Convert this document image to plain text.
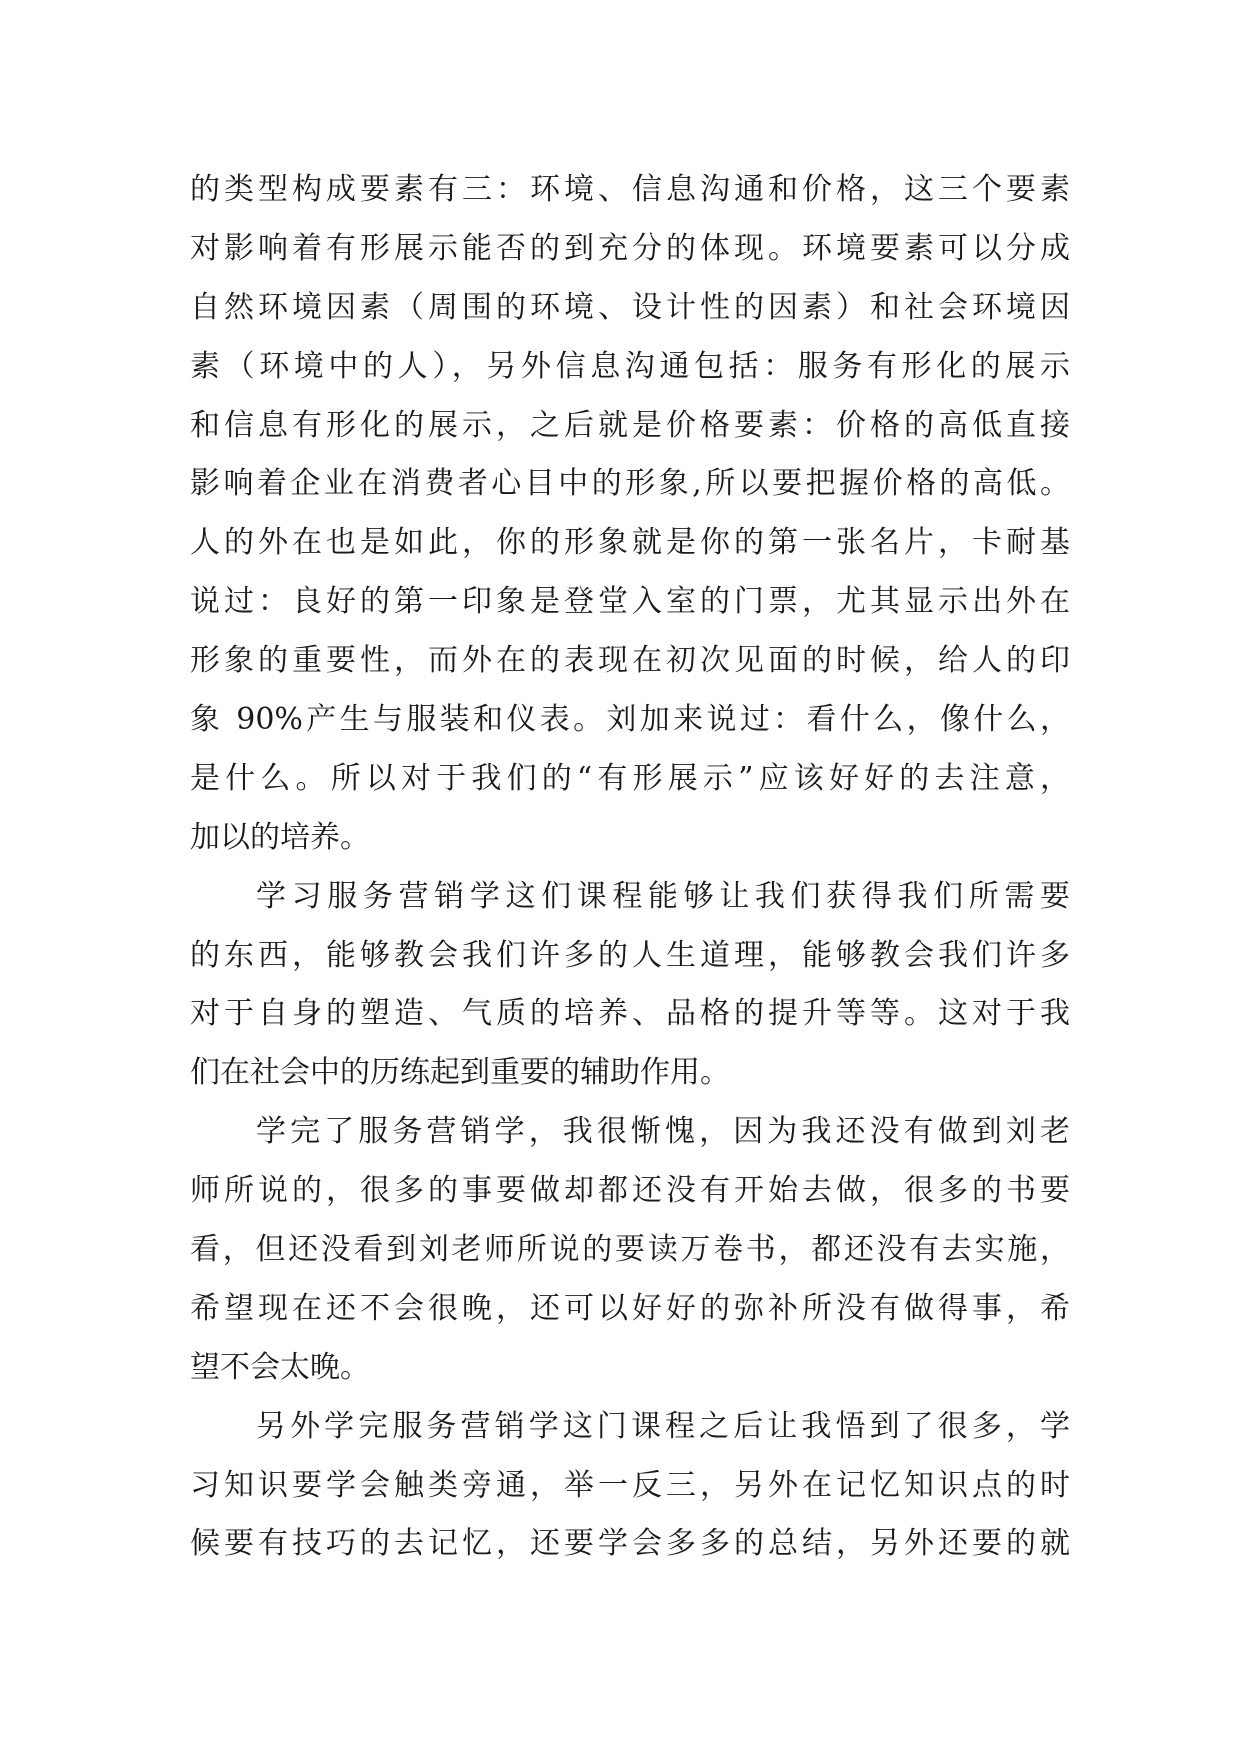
的类型构成要素有三：环境、信息沟通和价格，这三个要素
对影响着有形展示能否的到充分的体现。环境要素可以分成
自然环境因素（周围的环境、设计性的因素）和社会环境因
素（环境中的人），另外信息沟通包括：服务有形化的展示
和信息有形化的展示，之后就是价格要素：价格的高低直接
影响着企业在消费者心目中的形象,所以要把握价格的高低。
人的外在也是如此，你的形象就是你的第一张名片，卡耐基
说过：良好的第一印象是登堂入室的门票，尤其显示出外在
形象的重要性，而外在的表现在初次见面的时候，给人的印
象 90%产生与服装和仪表。刘加来说过：看什么，像什么，
是什么。所以对于我们的“有形展示”应该好好的去注意，
加以的培养。
学习服务营销学这们课程能够让我们获得我们所需要
的东西，能够教会我们许多的人生道理，能够教会我们许多
对于自身的塑造、气质的培养、品格的提升等等。这对于我
们在社会中的历练起到重要的辅助作用。
学完了服务营销学，我很惭愧，因为我还没有做到刘老
师所说的，很多的事要做却都还没有开始去做，很多的书要
看，但还没看到刘老师所说的要读万卷书，都还没有去实施，
希望现在还不会很晚，还可以好好的弥补所没有做得事，希
望不会太晚。
另外学完服务营销学这门课程之后让我悟到了很多，学
习知识要学会触类旁通，举一反三，另外在记忆知识点的时
候要有技巧的去记忆，还要学会多多的总结，另外还要的就
